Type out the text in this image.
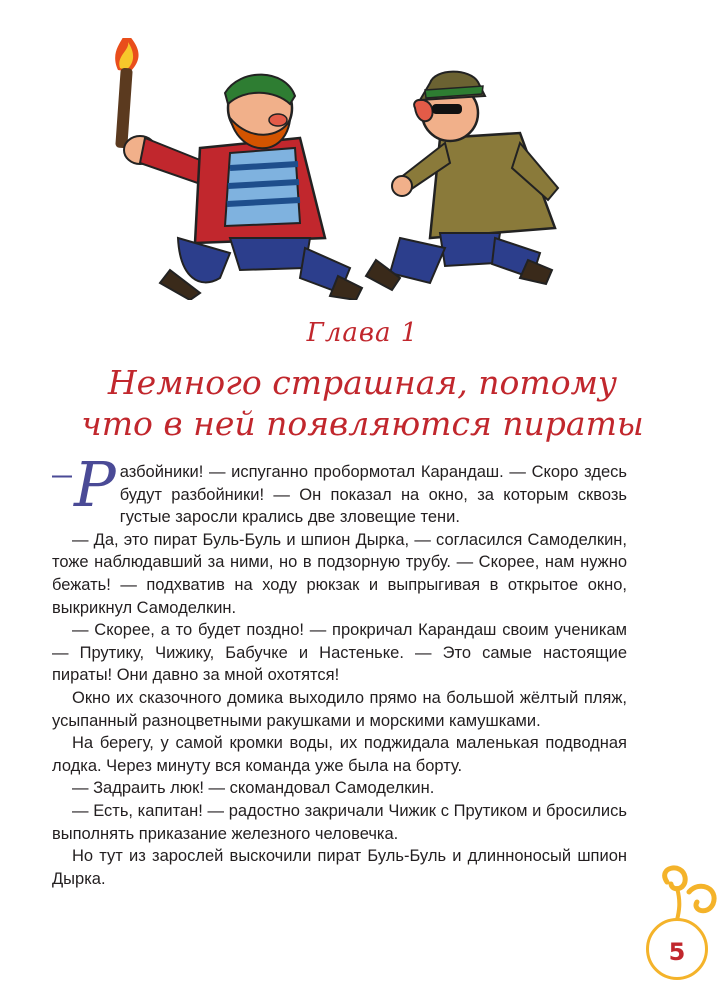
Глава 1
Немного страшная, потому
что в ней появляются пираты

— Р азбойники! — испуганно пробормотал Карандаш. — Скоро здесь будут разбойники! — Он показал на окно, за которым сквозь густые заросли крались две зловещие тени.

— Да, это пират Буль-Буль и шпион Дырка, — согласился Самоделкин, тоже наблюдавший за ними, но в подзорную трубу. — Скорее, нам нужно бежать! — подхватив на ходу рюкзак и выпрыгивая в открытое окно, выкрикнул Самоделкин.

— Скорее, а то будет поздно! — прокричал Карандаш своим ученикам — Прутику, Чижику, Бабучке и Настеньке. — Это самые настоящие пираты! Они давно за мной охотятся!

Окно их сказочного домика выходило прямо на большой жёлтый пляж, усыпанный разноцветными ракушками и морскими камушками.

На берегу, у самой кромки воды, их поджидала маленькая подводная лодка. Через минуту вся команда уже была на борту.

— Задраить люк! — скомандовал Самоделкин.

— Есть, капитан! — радостно закричали Чижик с Прутиком и бросились выполнять приказание железного человечка.

Но тут из зарослей выскочили пират Буль-Буль и длинноносый шпион Дырка.

5
